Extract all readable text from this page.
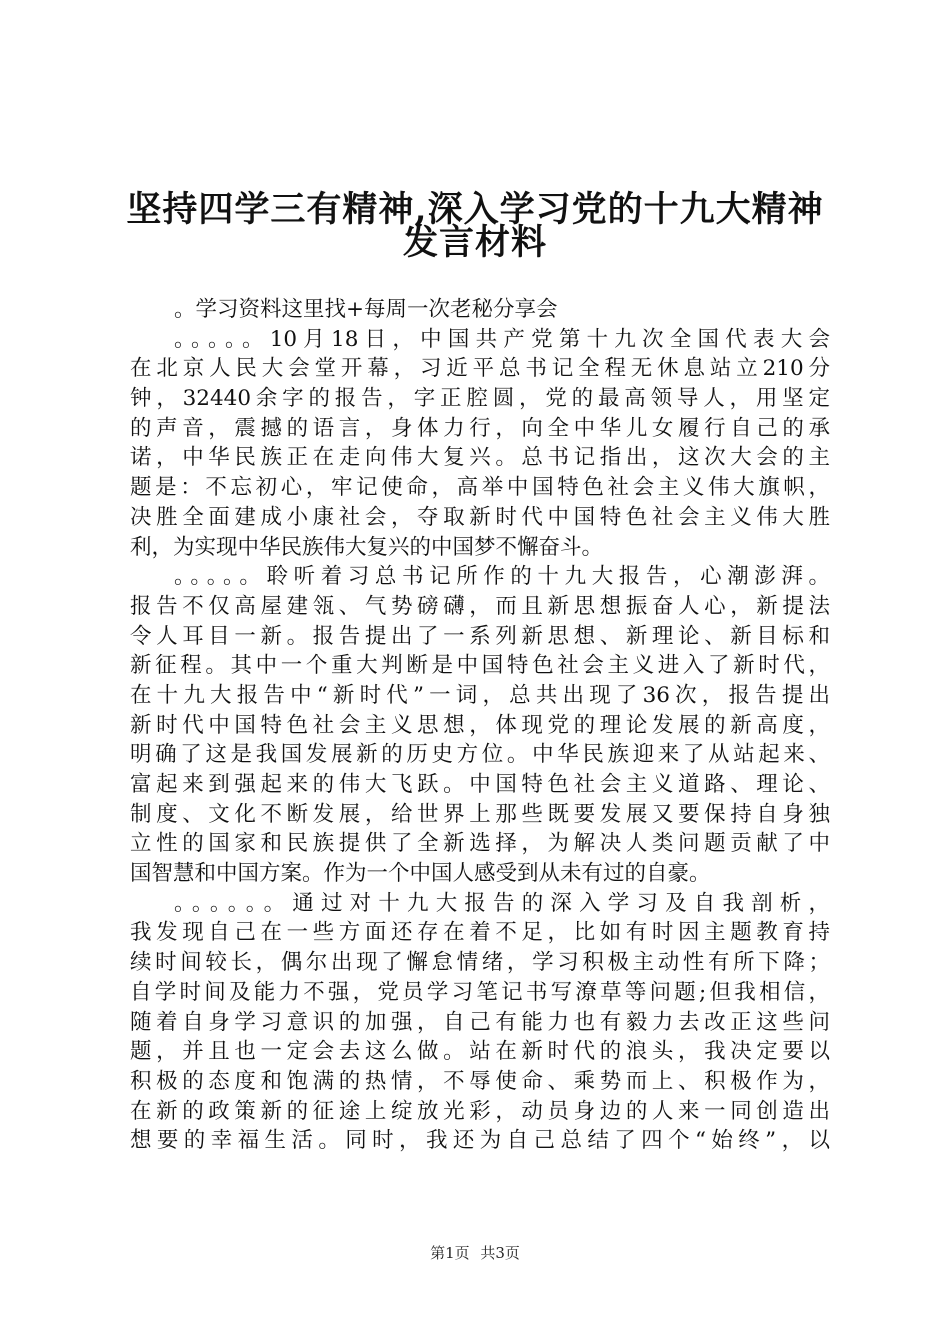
坚持四学三有精神,深入学习党的十九大精神
发言材料
。学习资料这里找+每周一次老秘分享会
。。。。。10月18日，中国共产党第十九次全国代表大会
在北京人民大会堂开幕，习近平总书记全程无休息站立210分
钟，32440余字的报告，字正腔圆，党的最高领导人，用坚定
的声音，震撼的语言，身体力行，向全中华儿女履行自己的承
诺，中华民族正在走向伟大复兴。总书记指出，这次大会的主
题是：不忘初心，牢记使命，高举中国特色社会主义伟大旗帜，
决胜全面建成小康社会，夺取新时代中国特色社会主义伟大胜
利，为实现中华民族伟大复兴的中国梦不懈奋斗。
。。。。。聆听着习总书记所作的十九大报告，心潮澎湃。
报告不仅高屋建瓴、气势磅礴，而且新思想振奋人心，新提法
令人耳目一新。报告提出了一系列新思想、新理论、新目标和
新征程。其中一个重大判断是中国特色社会主义进入了新时代，
在十九大报告中“新时代”一词，总共出现了36次，报告提出
新时代中国特色社会主义思想，体现党的理论发展的新高度，
明确了这是我国发展新的历史方位。中华民族迎来了从站起来、
富起来到强起来的伟大飞跃。中国特色社会主义道路、理论、
制度、文化不断发展，给世界上那些既要发展又要保持自身独
立性的国家和民族提供了全新选择，为解决人类问题贡献了中
国智慧和中国方案。作为一个中国人感受到从未有过的自豪。
。。。。。。通过对十九大报告的深入学习及自我剖析，
我发现自己在一些方面还存在着不足，比如有时因主题教育持
续时间较长，偶尔出现了懈怠情绪，学习积极主动性有所下降；
自学时间及能力不强，党员学习笔记书写潦草等问题;但我相信，
随着自身学习意识的加强，自己有能力也有毅力去改正这些问
题，并且也一定会去这么做。站在新时代的浪头，我决定要以
积极的态度和饱满的热情，不辱使命、乘势而上、积极作为，
在新的政策新的征途上绽放光彩，动员身边的人来一同创造出
想要的幸福生活。同时，我还为自己总结了四个“始终”，以
第1页 共3页
